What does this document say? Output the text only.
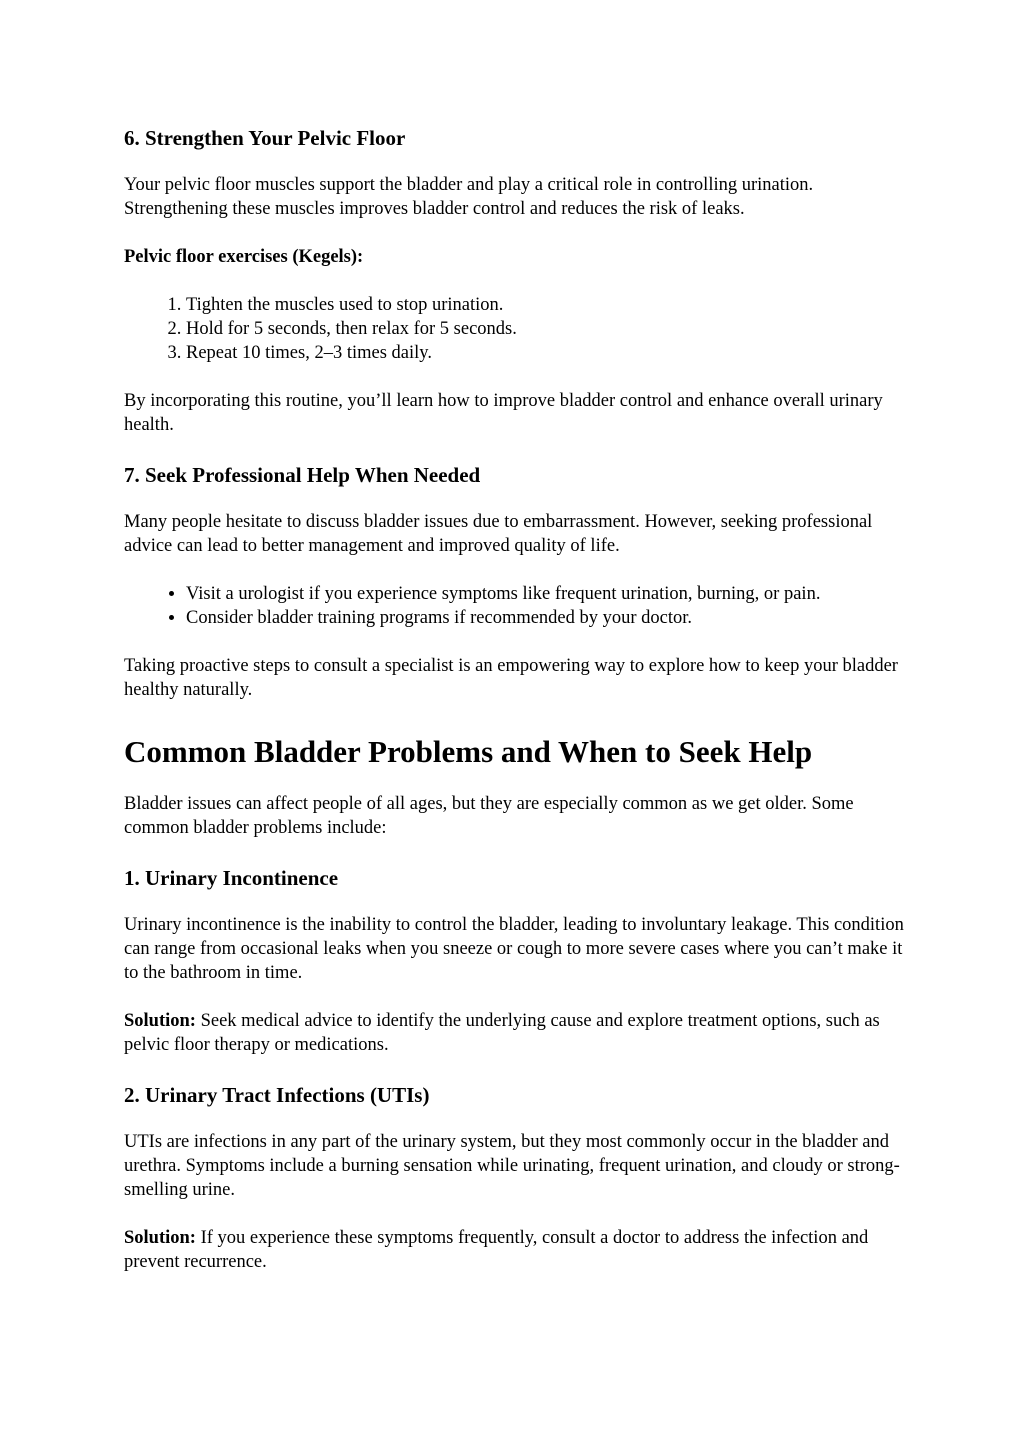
6. Strengthen Your Pelvic Floor

Your pelvic floor muscles support the bladder and play a critical role in controlling urination. Strengthening these muscles improves bladder control and reduces the risk of leaks.

Pelvic floor exercises (Kegels):

1. Tighten the muscles used to stop urination.
2. Hold for 5 seconds, then relax for 5 seconds.
3. Repeat 10 times, 2–3 times daily.

By incorporating this routine, you’ll learn how to improve bladder control and enhance overall urinary health.

7. Seek Professional Help When Needed

Many people hesitate to discuss bladder issues due to embarrassment. However, seeking professional advice can lead to better management and improved quality of life.

• Visit a urologist if you experience symptoms like frequent urination, burning, or pain.
• Consider bladder training programs if recommended by your doctor.

Taking proactive steps to consult a specialist is an empowering way to explore how to keep your bladder healthy naturally.

Common Bladder Problems and When to Seek Help

Bladder issues can affect people of all ages, but they are especially common as we get older. Some common bladder problems include:

1. Urinary Incontinence

Urinary incontinence is the inability to control the bladder, leading to involuntary leakage. This condition can range from occasional leaks when you sneeze or cough to more severe cases where you can’t make it to the bathroom in time.

Solution: Seek medical advice to identify the underlying cause and explore treatment options, such as pelvic floor therapy or medications.

2. Urinary Tract Infections (UTIs)

UTIs are infections in any part of the urinary system, but they most commonly occur in the bladder and urethra. Symptoms include a burning sensation while urinating, frequent urination, and cloudy or strong-smelling urine.

Solution: If you experience these symptoms frequently, consult a doctor to address the infection and prevent recurrence.
